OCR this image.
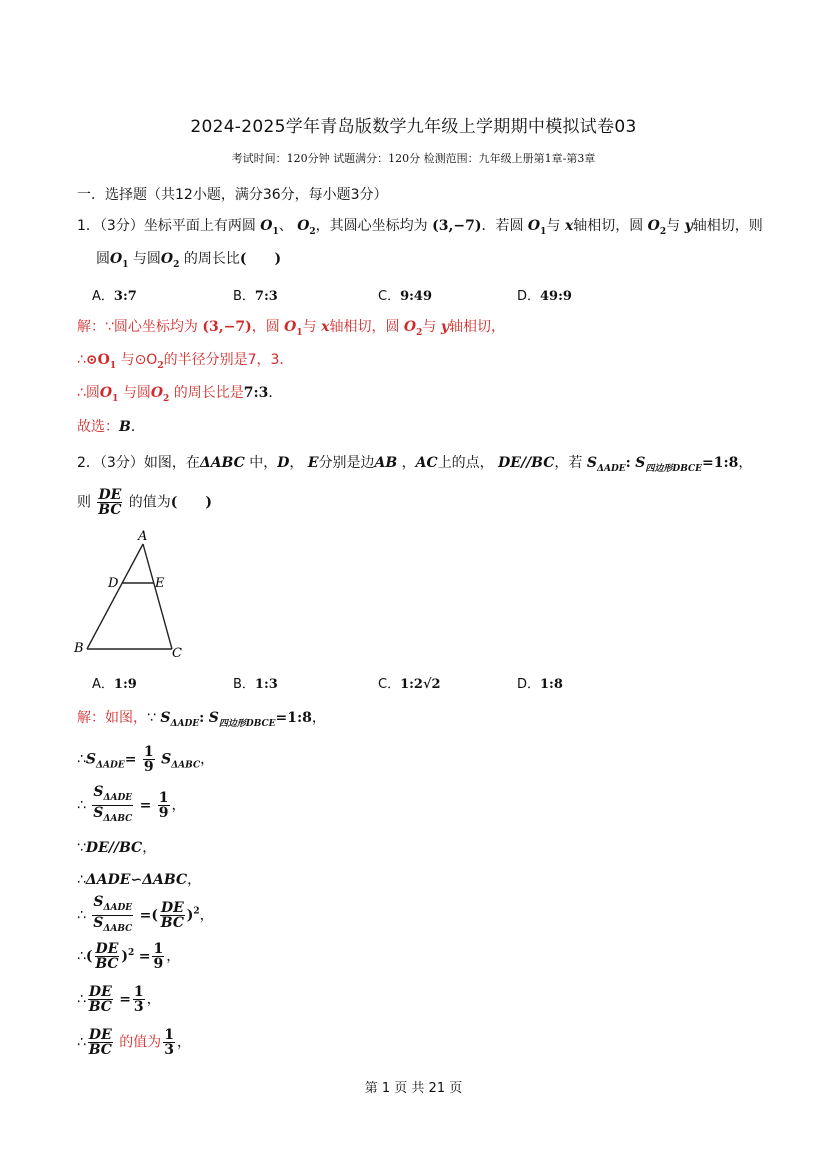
2024-2025学年青岛版数学九年级上学期期中模拟试卷03
考试时间：120分钟 试题满分：120分 检测范围：九年级上册第1章-第3章
一．选择题（共12小题，满分36分，每小题3分）
1．（3分）坐标平面上有两圆 $O_1$、 $O_2$，其圆心坐标均为 (3,−7)．若圆 $O_1$与 x轴相切，圆 $O_2$与 y轴相切，则
圆$O_1$ 与圆$O_2$ 的周长比(　　)
A．3:7	B．7:3	C．9:49	D．49:9
解：∵圆心坐标均为 (3,−7)，圆 $O_1$与 x轴相切，圆 $O_2$与 y轴相切，
$\therefore⊙O_1$ 与$⊙O_2$的半径分别是7，3．
∴圆$O_1$ 与圆$O_2$ 的周长比是7:3．
故选：B．
2．（3分）如图，在ΔABC 中，D， E分别是边AB ，AC上的点， DE//BC，若 $S_{\Delta ADE}$: $S_{四边形DBCE}=1:8$，
则 $\frac{DE}{BC}$ 的值为(　　)
A
D	E
B	C
A．1:9	B．1:3	C．1:2√2	D．1:8
解：如图，∵ $S_{\Delta ADE}$: $S_{四边形DBCE}=1:8$，
$\therefore S_{\Delta ADE}= \frac{1}{9} S_{\Delta ABC}$，
∴ $\frac{S_{\Delta ADE}}{S_{\Delta ABC}} = \frac{1}{9}$ ，
∵DE//BC，
∴ΔADE∽ΔABC，
∴ $\frac{S_{\Delta ADE}}{S_{\Delta ABC}}$ =( $\frac{DE}{BC} )^2$，
∴( $\frac{DE}{BC} )^2 = \frac{1}{9}$ ，
∴ $\frac{DE}{BC} = \frac{1}{3}$ ，
∴ $\frac{DE}{BC}$ 的值为 $\frac{1}{3}$ ，
第 1 页 共 21 页
